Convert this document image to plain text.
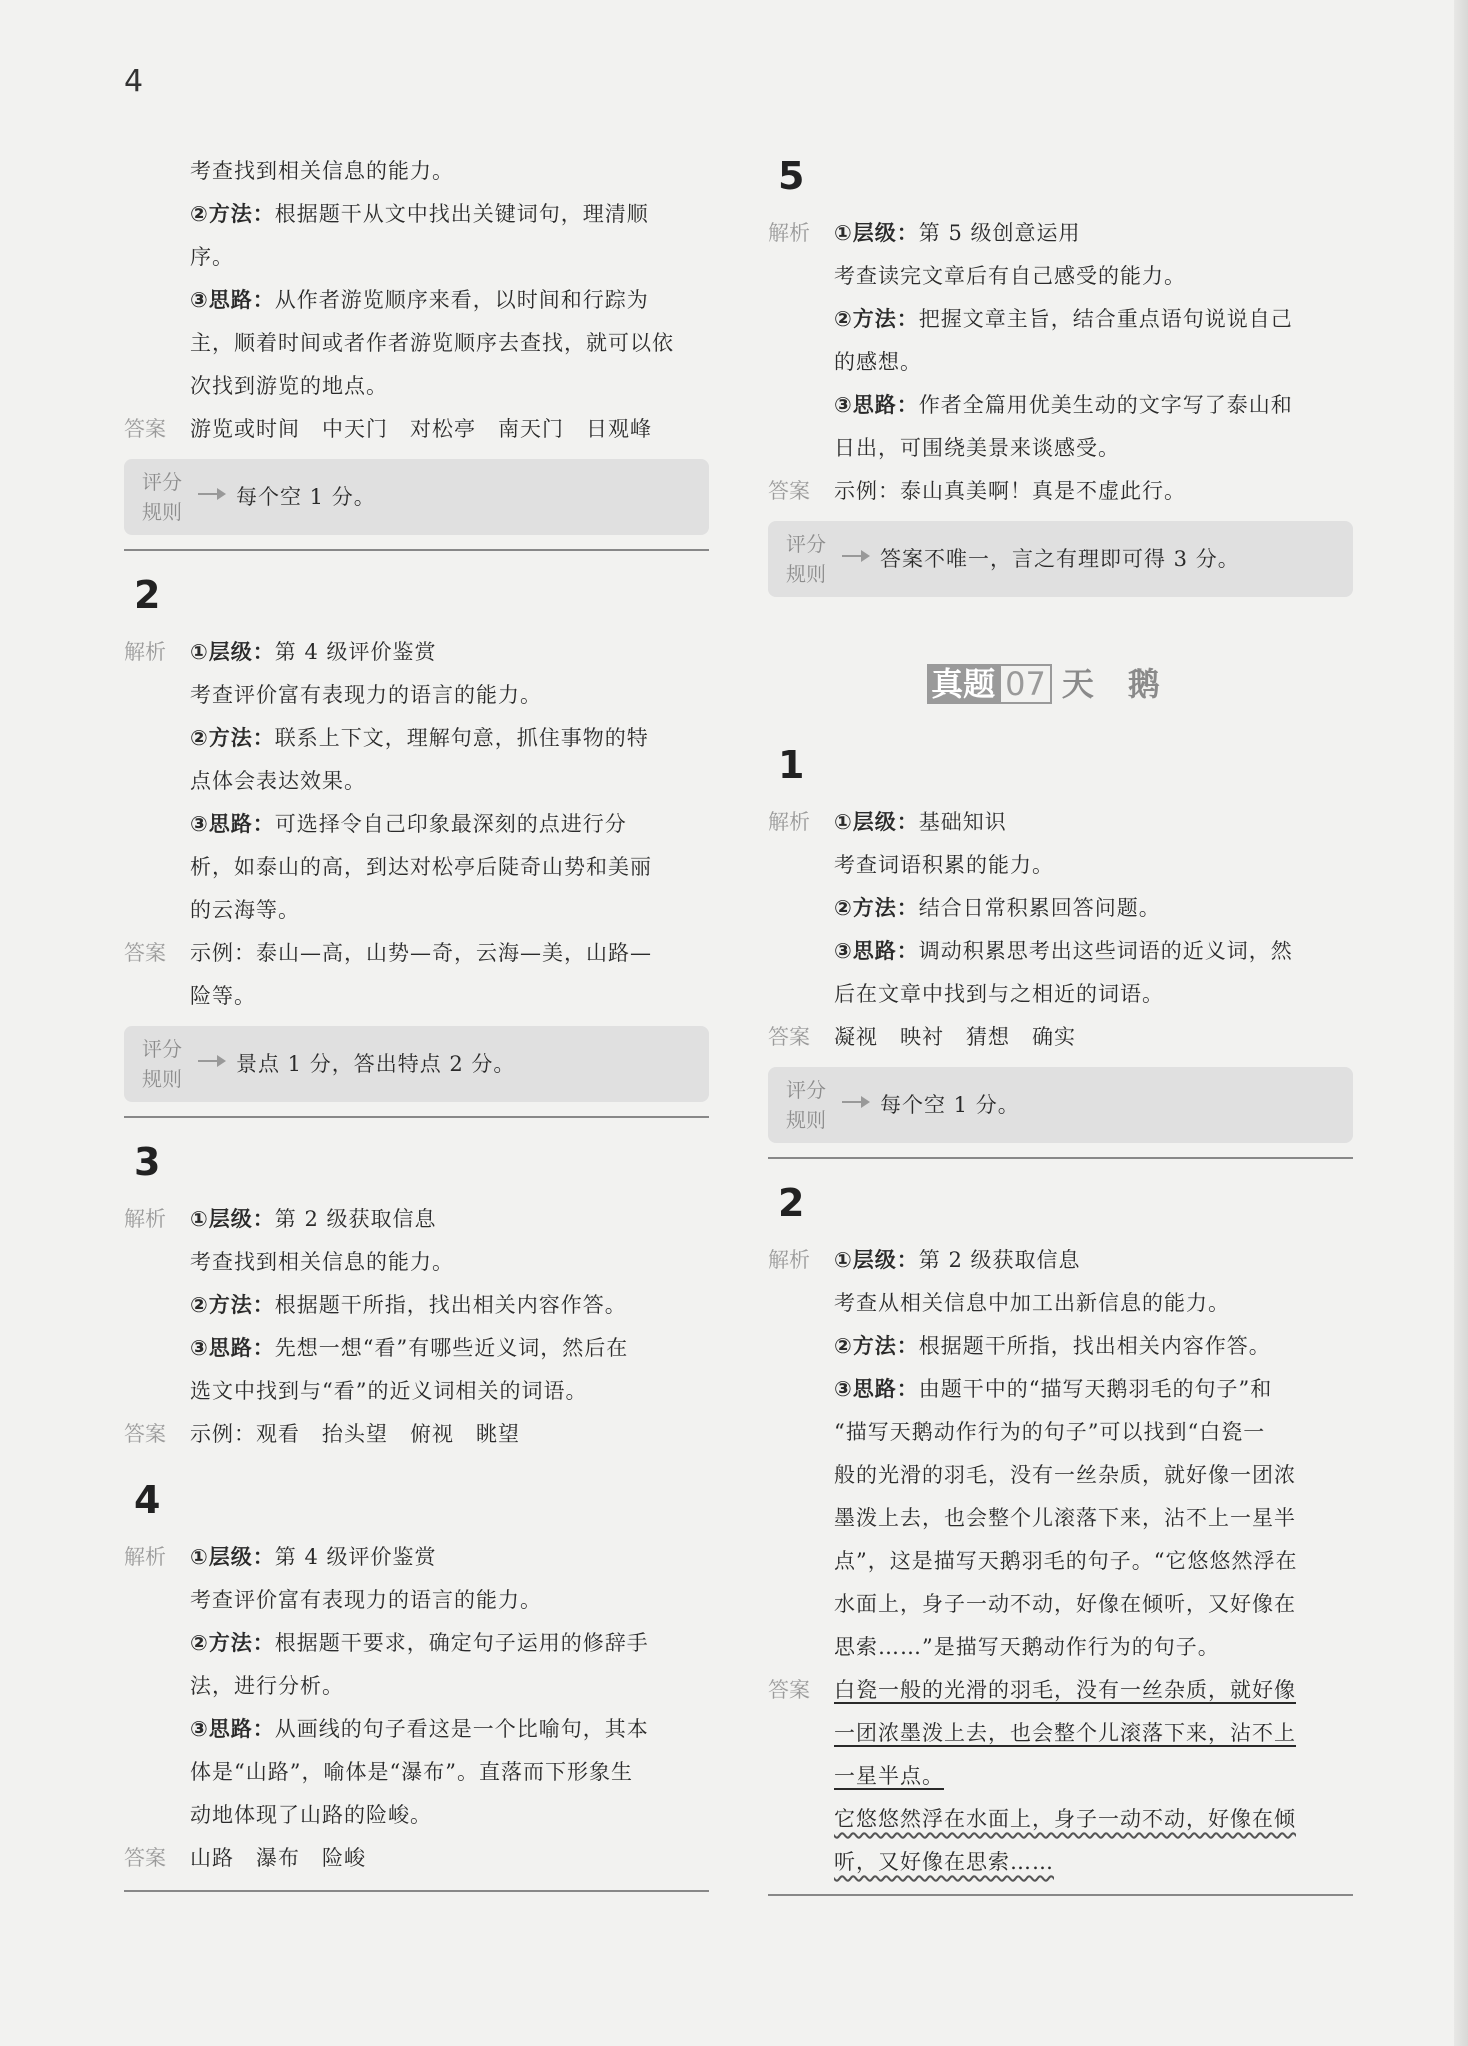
4
考查找到相关信息的能力。
②方法：根据题干从文中找出关键词句，理清顺
序。
③思路：从作者游览顺序来看，以时间和行踪为
主，顺着时间或者作者游览顺序去查找，就可以依
次找到游览的地点。
答案 游览或时间　中天门　对松亭　南天门　日观峰
评分
规则
每个空 1 分。
2
解析 ①层级：第 4 级评价鉴赏
考查评价富有表现力的语言的能力。
②方法：联系上下文，理解句意，抓住事物的特
点体会表达效果。
③思路：可选择令自己印象最深刻的点进行分
析，如泰山的高，到达对松亭后陡奇山势和美丽
的云海等。
答案 示例：泰山—高，山势—奇，云海—美，山路—
险等。
评分
规则
景点 1 分，答出特点 2 分。
3
解析 ①层级：第 2 级获取信息
考查找到相关信息的能力。
②方法：根据题干所指，找出相关内容作答。
③思路：先想一想“看”有哪些近义词，然后在
选文中找到与“看”的近义词相关的词语。
答案 示例：观看　抬头望　俯视　眺望
4
解析 ①层级：第 4 级评价鉴赏
考查评价富有表现力的语言的能力。
②方法：根据题干要求，确定句子运用的修辞手
法，进行分析。
③思路：从画线的句子看这是一个比喻句，其本
体是“山路”，喻体是“瀑布”。直落而下形象生
动地体现了山路的险峻。
答案 山路　瀑布　险峻
5
解析 ①层级：第 5 级创意运用
考查读完文章后有自己感受的能力。
②方法：把握文章主旨，结合重点语句说说自己
的感想。
③思路：作者全篇用优美生动的文字写了泰山和
日出，可围绕美景来谈感受。
答案 示例：泰山真美啊！真是不虚此行。
评分
规则
答案不唯一，言之有理即可得 3 分。
真题 07 天鹅
1
解析 ①层级：基础知识
考查词语积累的能力。
②方法：结合日常积累回答问题。
③思路：调动积累思考出这些词语的近义词，然
后在文章中找到与之相近的词语。
答案 凝视　映衬　猜想　确实
评分
规则
每个空 1 分。
2
解析 ①层级：第 2 级获取信息
考查从相关信息中加工出新信息的能力。
②方法：根据题干所指，找出相关内容作答。
③思路：由题干中的“描写天鹅羽毛的句子”和
“描写天鹅动作行为的句子”可以找到“白瓷一
般的光滑的羽毛，没有一丝杂质，就好像一团浓
墨泼上去，也会整个儿滚落下来，沾不上一星半
点”，这是描写天鹅羽毛的句子。“它悠悠然浮在
水面上，身子一动不动，好像在倾听，又好像在
思索……”是描写天鹅动作行为的句子。
答案 白瓷一般的光滑的羽毛，没有一丝杂质，就好像
一团浓墨泼上去，也会整个儿滚落下来，沾不上
一星半点。
它悠悠然浮在水面上，身子一动不动，好像在倾
听，又好像在思索……
